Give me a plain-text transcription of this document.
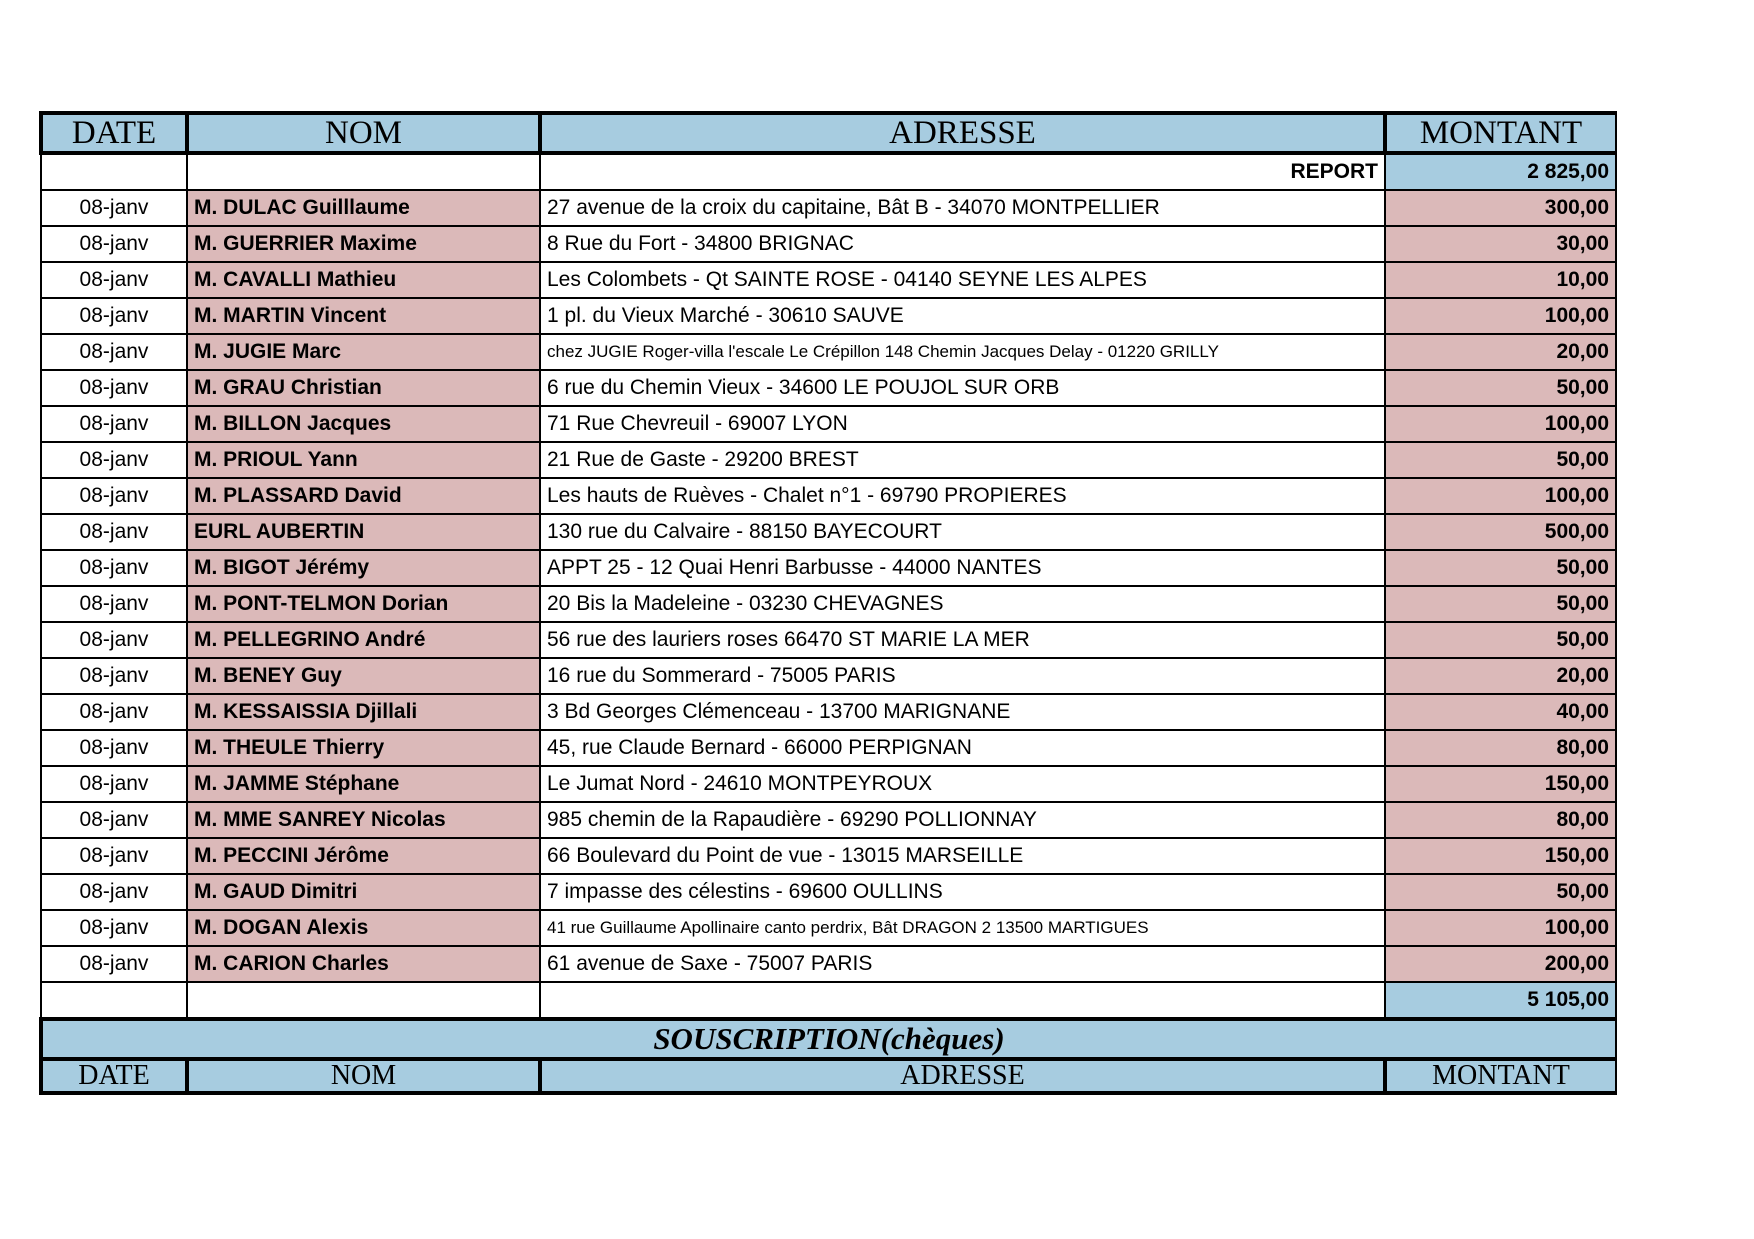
DATE	NOM	ADRESSE	MONTANT
		REPORT	2 825,00
08-janv	M. DULAC Guilllaume	27 avenue de la croix du capitaine, Bât B - 34070 MONTPELLIER	300,00
08-janv	M. GUERRIER Maxime	8 Rue du Fort - 34800 BRIGNAC	30,00
08-janv	M. CAVALLI Mathieu	Les Colombets - Qt SAINTE ROSE - 04140 SEYNE LES ALPES	10,00
08-janv	M. MARTIN Vincent	1 pl. du Vieux Marché - 30610 SAUVE	100,00
08-janv	M. JUGIE Marc	chez JUGIE Roger-villa l'escale Le Crépillon 148 Chemin Jacques Delay - 01220 GRILLY	20,00
08-janv	M. GRAU Christian	6 rue du Chemin Vieux - 34600 LE POUJOL SUR ORB	50,00
08-janv	M. BILLON Jacques	71 Rue Chevreuil - 69007 LYON	100,00
08-janv	M. PRIOUL Yann	21 Rue de Gaste - 29200 BREST	50,00
08-janv	M. PLASSARD David	Les hauts de Ruèves - Chalet n°1 - 69790 PROPIERES	100,00
08-janv	EURL AUBERTIN	130 rue du Calvaire - 88150 BAYECOURT	500,00
08-janv	M. BIGOT Jérémy	APPT 25 - 12 Quai Henri Barbusse - 44000 NANTES	50,00
08-janv	M. PONT-TELMON Dorian	20 Bis la Madeleine - 03230 CHEVAGNES	50,00
08-janv	M. PELLEGRINO André	56 rue des lauriers roses 66470 ST MARIE LA MER	50,00
08-janv	M. BENEY Guy	16 rue du Sommerard - 75005 PARIS	20,00
08-janv	M. KESSAISSIA Djillali	3 Bd Georges Clémenceau - 13700 MARIGNANE	40,00
08-janv	M. THEULE Thierry	45, rue Claude Bernard - 66000 PERPIGNAN	80,00
08-janv	M. JAMME Stéphane	Le Jumat Nord - 24610 MONTPEYROUX	150,00
08-janv	M. MME SANREY Nicolas	985 chemin de la Rapaudière - 69290 POLLIONNAY	80,00
08-janv	M. PECCINI Jérôme	66 Boulevard du Point de vue - 13015 MARSEILLE	150,00
08-janv	M. GAUD Dimitri	7 impasse des célestins - 69600 OULLINS	50,00
08-janv	M. DOGAN Alexis	41 rue Guillaume Apollinaire canto perdrix, Bât DRAGON 2 13500 MARTIGUES	100,00
08-janv	M. CARION Charles	61 avenue de Saxe - 75007 PARIS	200,00
			5 105,00
SOUSCRIPTION(chèques)			
DATE	NOM	ADRESSE	MONTANT
